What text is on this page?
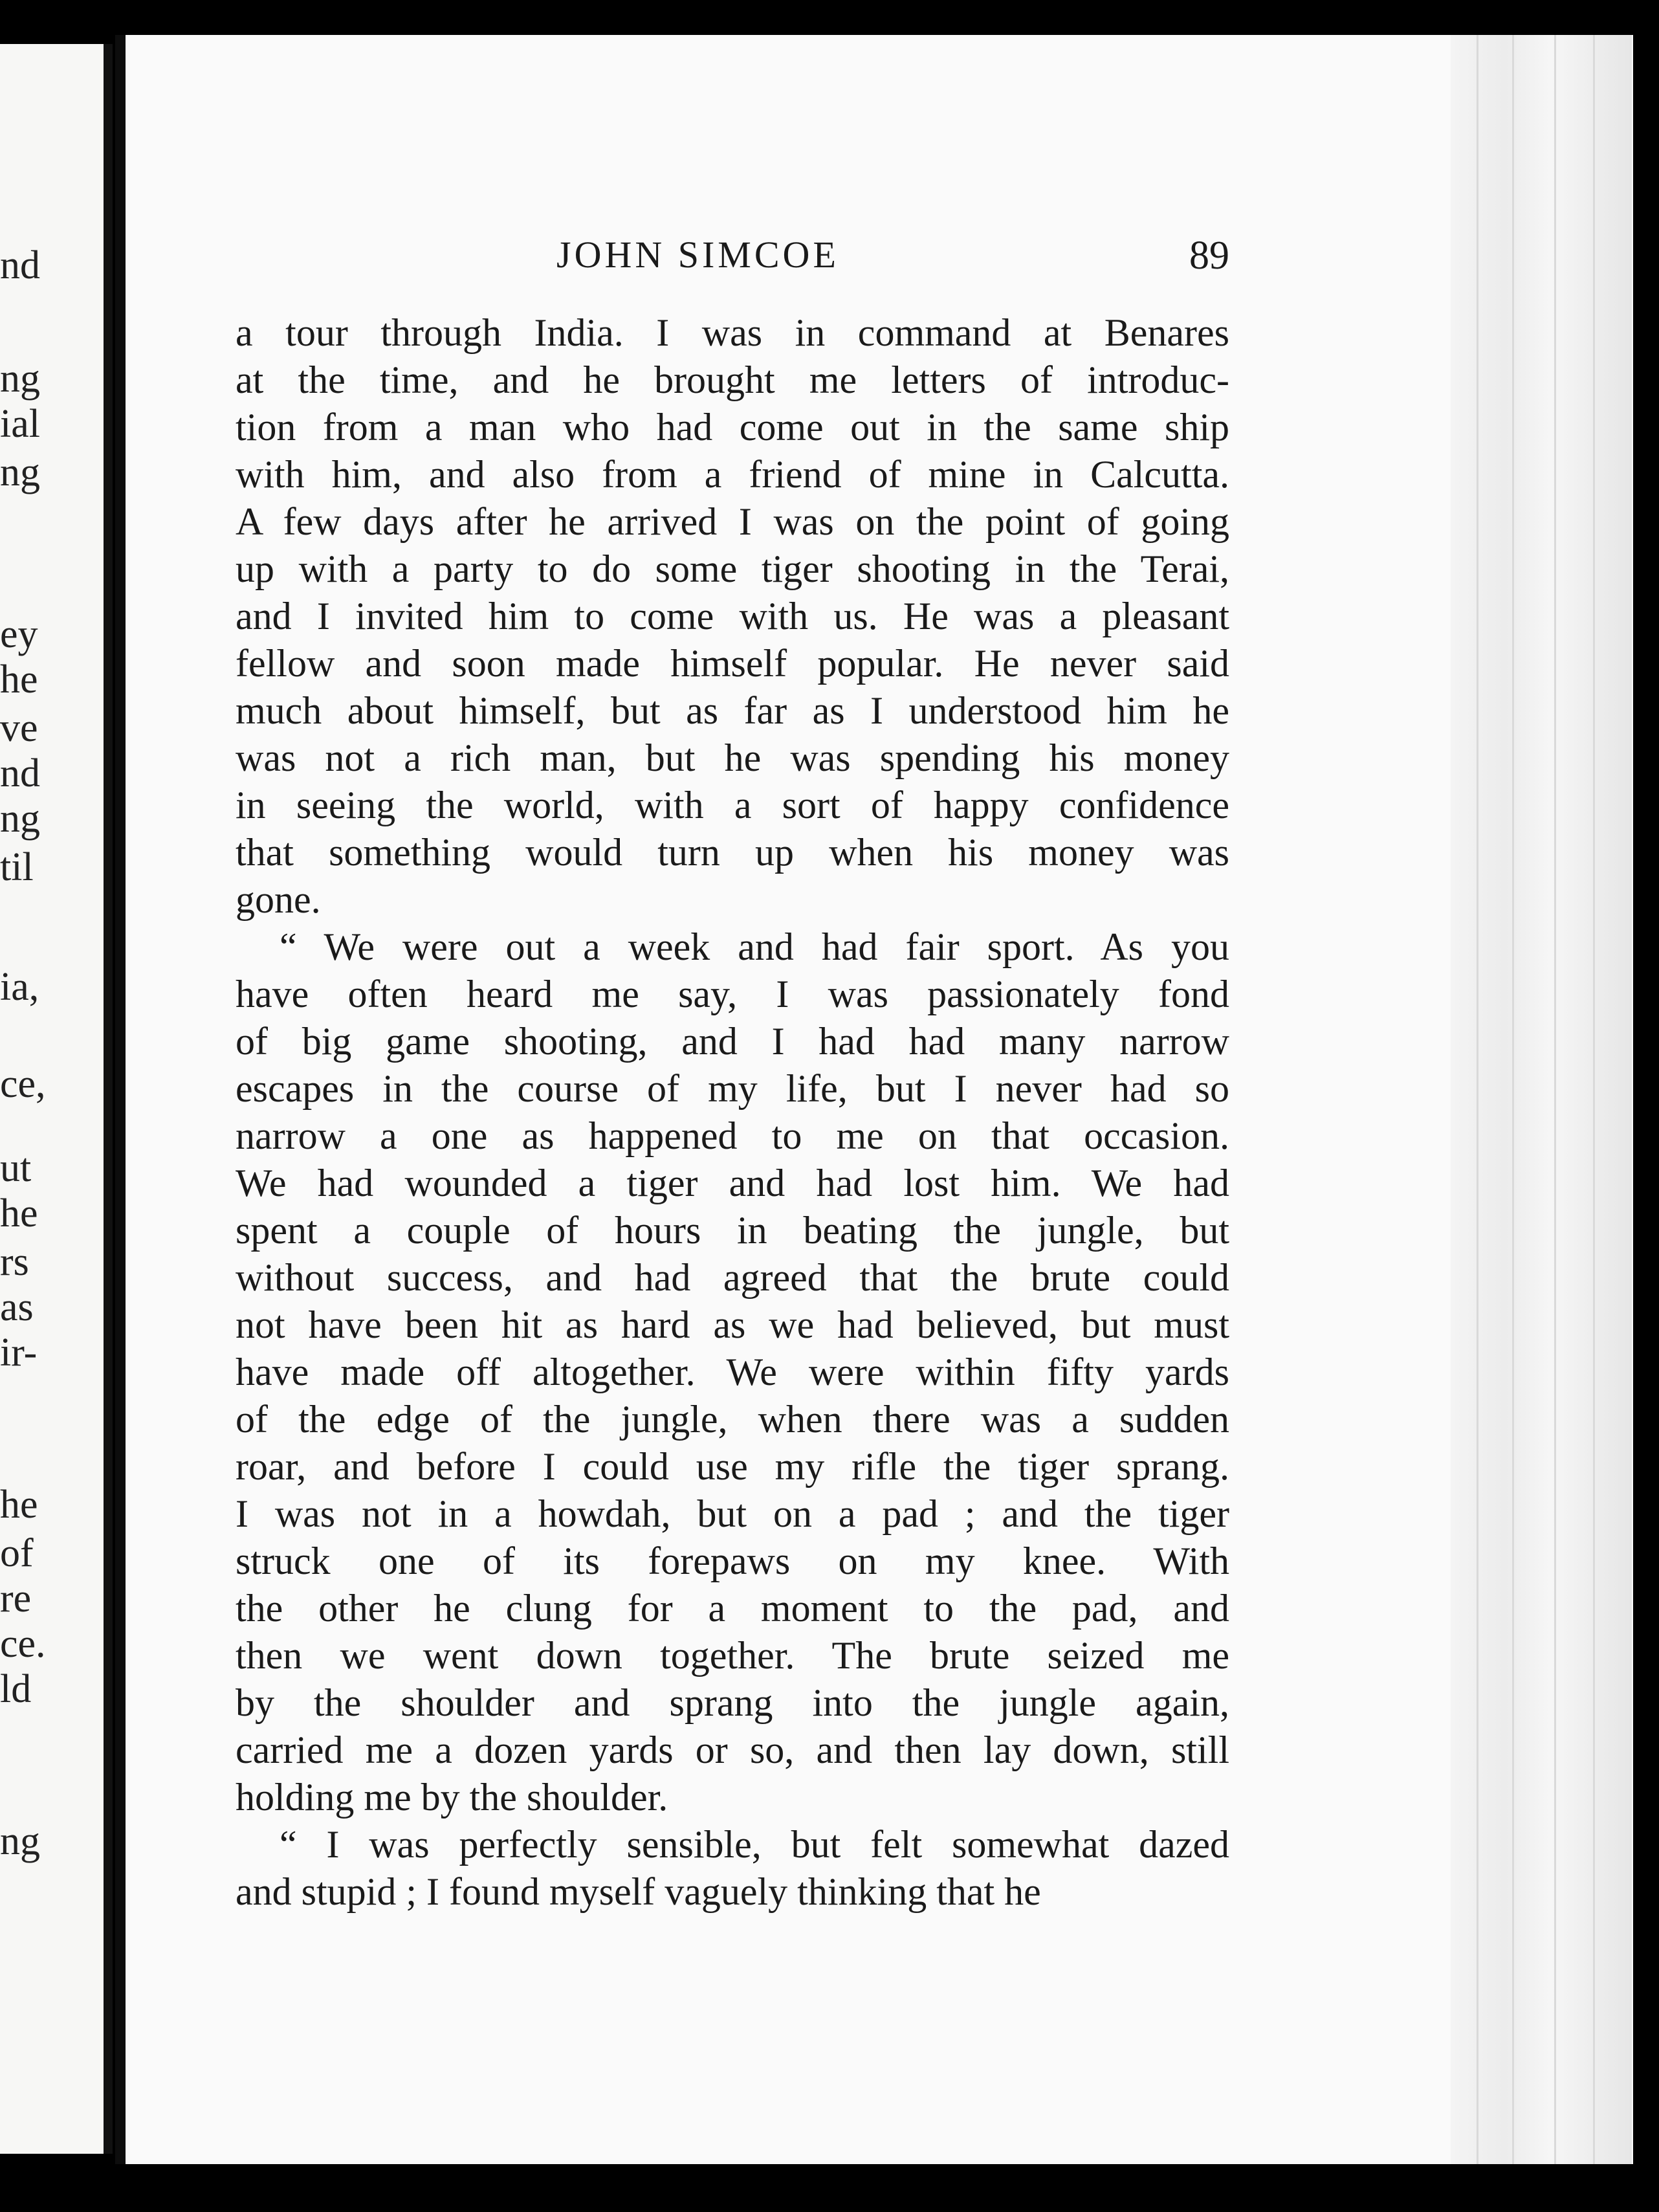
nd
ng
ial
ng
ey
he
ve
nd
ng
til
ia,
ce,
ut
he
rs
as
ir-
he
of
re
ce.
ld
ng
JOHN SIMCOE	89
a tour through India. I was in command at Benares
at the time, and he brought me letters of introduc-
tion from a man who had come out in the same ship
with him, and also from a friend of mine in Calcutta.
A few days after he arrived I was on the point of going
up with a party to do some tiger shooting in the Terai,
and I invited him to come with us. He was a pleasant
fellow and soon made himself popular. He never said
much about himself, but as far as I understood him he
was not a rich man, but he was spending his money
in seeing the world, with a sort of happy confidence
that something would turn up when his money was
gone.
“ We were out a week and had fair sport. As you
have often heard me say, I was passionately fond
of big game shooting, and I had had many narrow
escapes in the course of my life, but I never had so
narrow a one as happened to me on that occasion.
We had wounded a tiger and had lost him. We had
spent a couple of hours in beating the jungle, but
without success, and had agreed that the brute could
not have been hit as hard as we had believed, but must
have made off altogether. We were within fifty yards
of the edge of the jungle, when there was a sudden
roar, and before I could use my rifle the tiger sprang.
I was not in a howdah, but on a pad ; and the tiger
struck one of its forepaws on my knee. With
the other he clung for a moment to the pad, and
then we went down together. The brute seized me
by the shoulder and sprang into the jungle again,
carried me a dozen yards or so, and then lay down, still
holding me by the shoulder.
“ I was perfectly sensible, but felt somewhat dazed
and stupid ; I found myself vaguely thinking that he
